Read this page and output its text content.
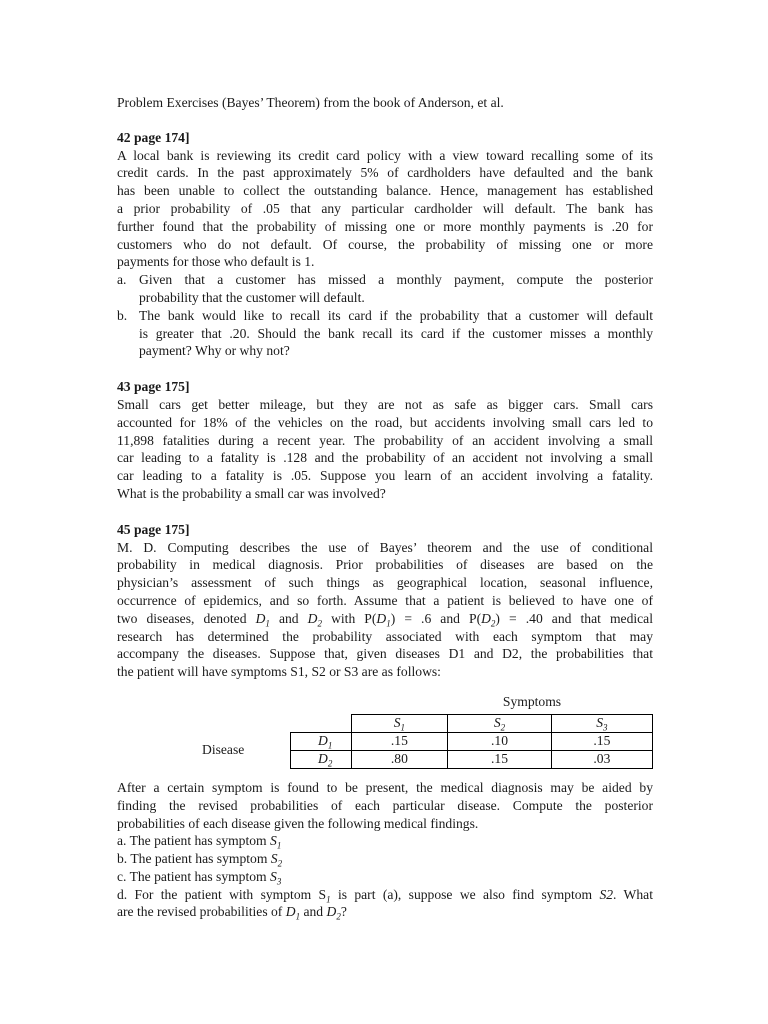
Problem Exercises (Bayes’ Theorem) from the book of Anderson, et al.

42 page 174]

A local bank is reviewing its credit card policy with a view toward recalling some of its

credit cards. In the past approximately 5% of cardholders have defaulted and the bank

has been unable to collect the outstanding balance. Hence, management has established

a prior probability of .05 that any particular cardholder will default. The bank has

further found that the probability of missing one or more monthly payments is .20 for

customers who do not default. Of course, the probability of missing one or more

payments for those who default is 1.

a. Given that a customer has missed a monthly payment, compute the posterior

probability that the customer will default.

b. The bank would like to recall its card if the probability that a customer will default

is greater that .20. Should the bank recall its card if the customer misses a monthly

payment? Why or why not?

43 page 175]

Small cars get better mileage, but they are not as safe as bigger cars. Small cars

accounted for 18% of the vehicles on the road, but accidents involving small cars led to

11,898 fatalities during a recent year. The probability of an accident involving a small

car leading to a fatality is .128 and the probability of an accident not involving a small

car leading to a fatality is .05. Suppose you learn of an accident involving a fatality.

What is the probability a small car was involved?

45 page 175]

M. D. Computing describes the use of Bayes’ theorem and the use of conditional

probability in medical diagnosis. Prior probabilities of diseases are based on the

physician’s assessment of such things as geographical location, seasonal influence,

occurrence of epidemics, and so forth. Assume that a patient is believed to have one of

two diseases, denoted $D_1$ and $D_2$ with $P(D_1) = .6$ and $P(D_2) = .40$ and that medical

research has determined the probability associated with each symptom that may

accompany the diseases. Suppose that, given diseases D1 and D2, the probabilities that

the patient will have symptoms S1, S2 or S3 are as follows:

Symptoms
Disease
	$S_1$	$S_2$	$S_3$
$D_1$	.15	.10	.15
$D_2$	.80	.15	.03

After a certain symptom is found to be present, the medical diagnosis may be aided by

finding the revised probabilities of each particular disease. Compute the posterior

probabilities of each disease given the following medical findings.

a. The patient has symptom $S_1$

b. The patient has symptom $S_2$

c. The patient has symptom $S_3$

d. For the patient with symptom $S_1$ is part (a), suppose we also find symptom S2. What

are the revised probabilities of $D_1$ and $D_2$?
